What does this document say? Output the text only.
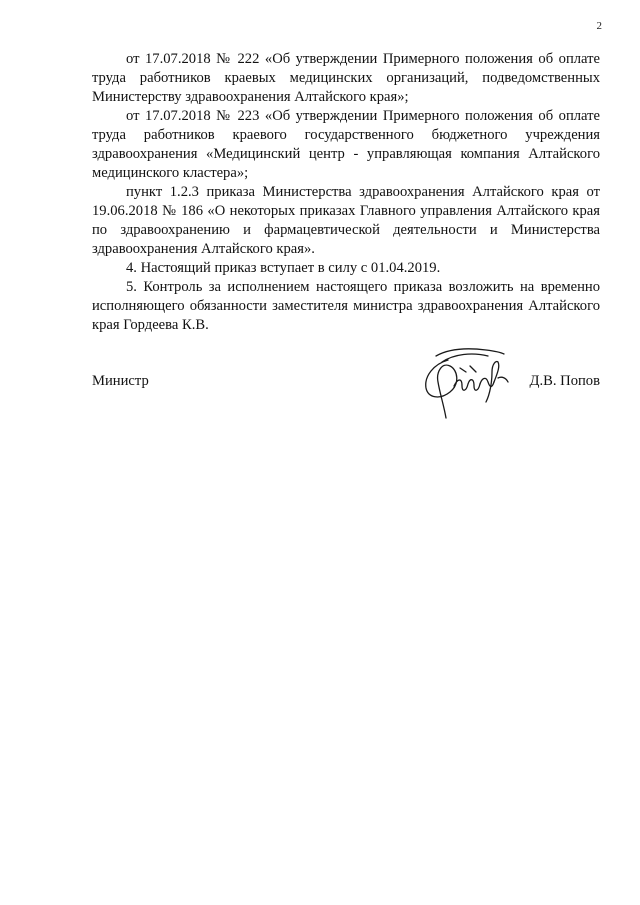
2

от 17.07.2018 № 222 «Об утверждении Примерного положения об оплате труда работников краевых медицинских организаций, подведомственных Министерству здравоохранения Алтайского края»;

от 17.07.2018 № 223 «Об утверждении Примерного положения об оплате труда работников краевого государственного бюджетного учреждения здравоохранения «Медицинский центр - управляющая компания Алтайского медицинского кластера»;

пункт 1.2.3 приказа Министерства здравоохранения Алтайского края от 19.06.2018 № 186 «О некоторых приказах Главного управления Алтайского края по здравоохранению и фармацевтической деятельности и Министерства здравоохранения Алтайского края».

4. Настоящий приказ вступает в силу с 01.04.2019.

5. Контроль за исполнением настоящего приказа возложить на временно исполняющего обязанности заместителя министра здравоохранения Алтайского края Гордеева К.В.

Министр	Д.В. Попов
